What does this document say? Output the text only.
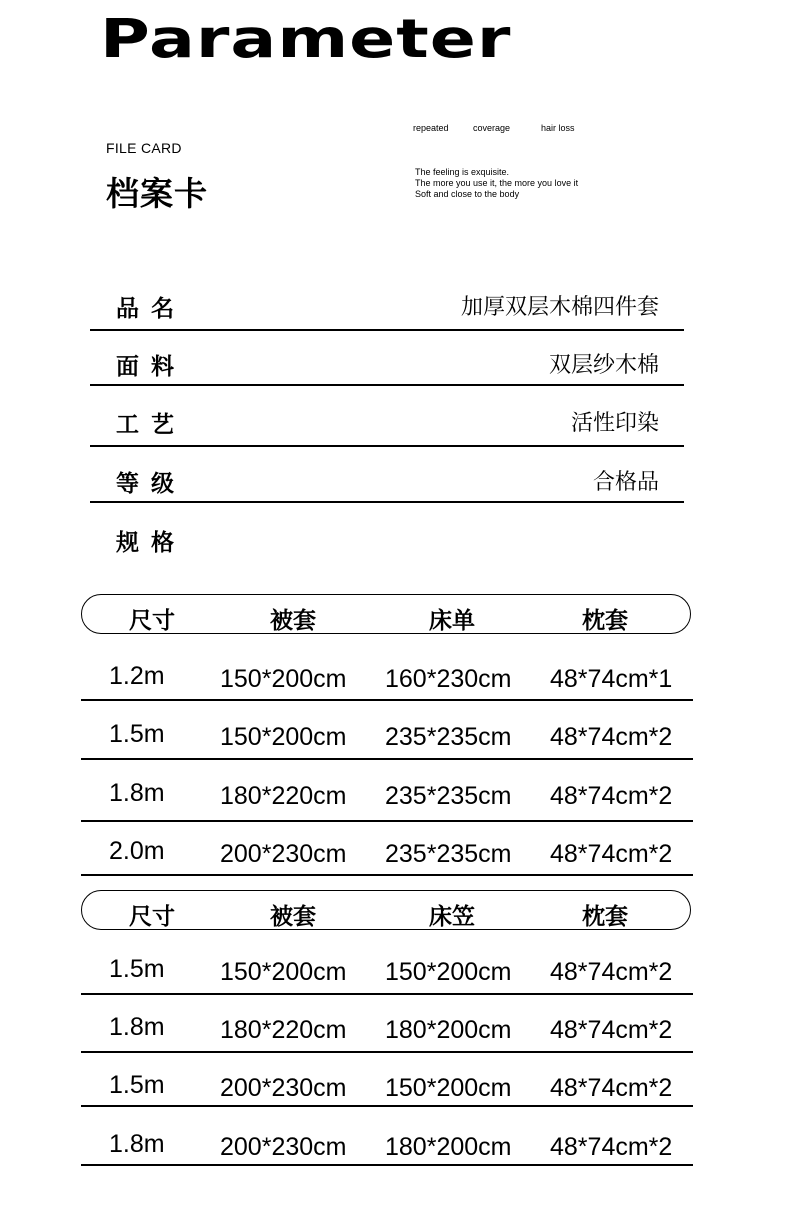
Parameter
FILE CARD
档案卡
repeated	coverage	hair loss
The feeling is exquisite.
The more you use it, the more you love it
Soft and close to the body
品名	加厚双层木棉四件套
面料	双层纱木棉
工艺	活性印染
等级	合格品
规格
尺寸	被套	床单	枕套
1.2m 150*200cm 160*230cm 48*74cm*1
1.5m 150*200cm 235*235cm 48*74cm*2
1.8m 180*220cm 235*235cm 48*74cm*2
2.0m 200*230cm 235*235cm 48*74cm*2
尺寸	被套	床笠	枕套
1.5m 150*200cm 150*200cm 48*74cm*2
1.8m 180*220cm 180*200cm 48*74cm*2
1.5m 200*230cm 150*200cm 48*74cm*2
1.8m 200*230cm 180*200cm 48*74cm*2
